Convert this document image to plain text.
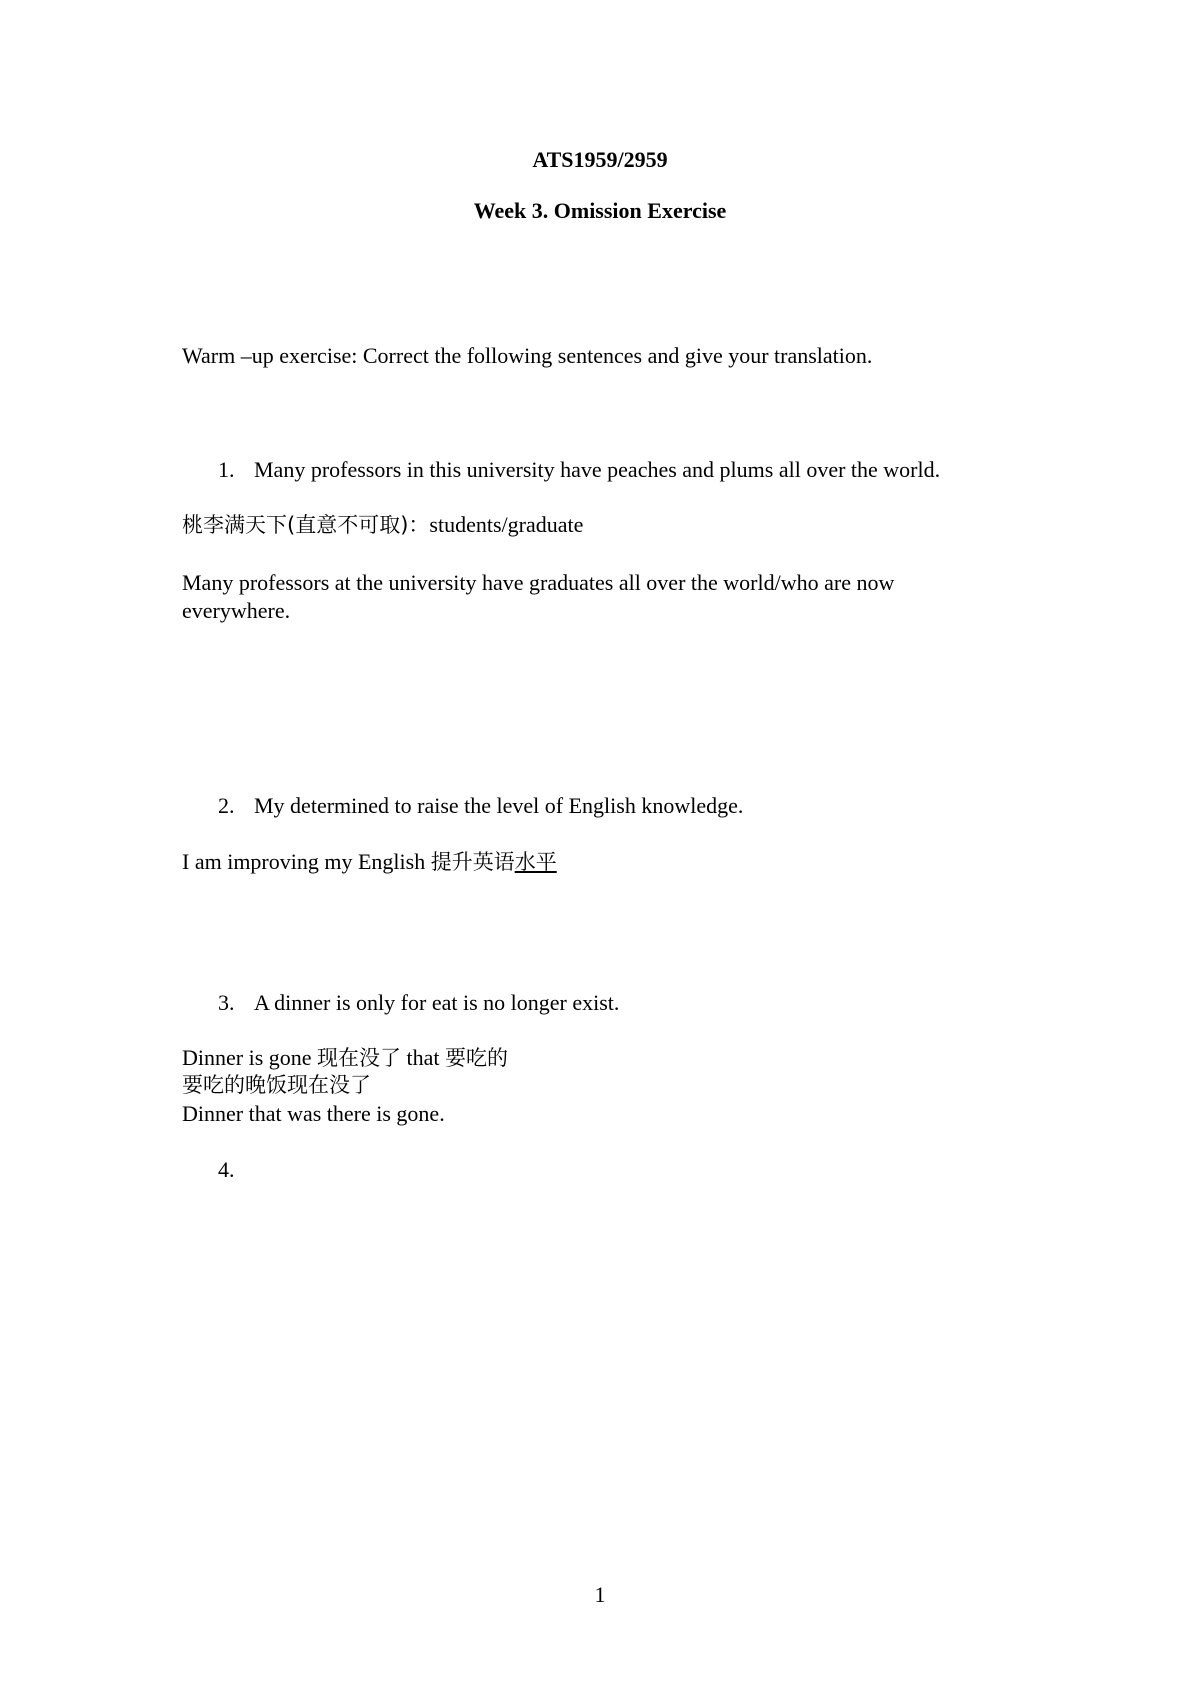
ATS1959/2959
Week 3. Omission Exercise
Warm –up exercise: Correct the following sentences and give your translation.
1. Many professors in this university have peaches and plums all over the world.
桃李满天下(直意不可取)：students/graduate
Many professors at the university have graduates all over the world/who are now
everywhere.
2. My determined to raise the level of English knowledge.
I am improving my English 提升英语水平
3. A dinner is only for eat is no longer exist.
Dinner is gone 现在没了 that 要吃的
要吃的晚饭现在没了
Dinner that was there is gone.
4.
1
